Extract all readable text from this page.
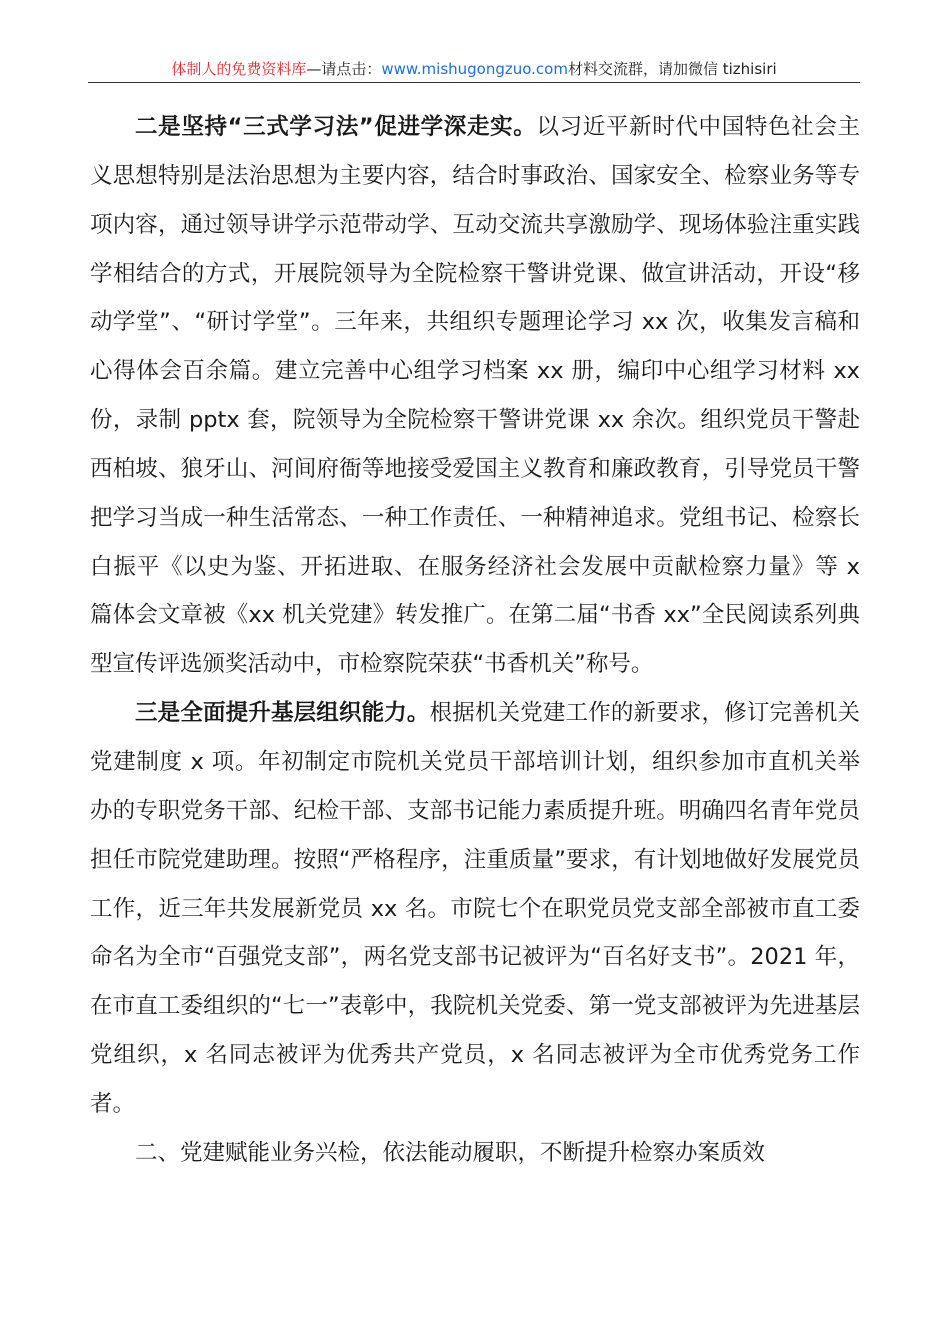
体制人的免费资料库—请点击：www.mishugongzuo.com材料交流群，请加微信 tizhisiri

二是坚持“三式学习法”促进学深走实。以习近平新时代中国特色社会主义思想特别是法治思想为主要内容，结合时事政治、国家安全、检察业务等专项内容，通过领导讲学示范带动学、互动交流共享激励学、现场体验注重实践学相结合的方式，开展院领导为全院检察干警讲党课、做宣讲活动，开设“移动学堂”、“研讨学堂”。三年来，共组织专题理论学习 xx 次，收集发言稿和心得体会百余篇。建立完善中心组学习档案 xx 册，编印中心组学习材料 xx 份，录制 pptx 套，院领导为全院检察干警讲党课 xx 余次。组织党员干警赴西柏坡、狼牙山、河间府衙等地接受爱国主义教育和廉政教育，引导党员干警把学习当成一种生活常态、一种工作责任、一种精神追求。党组书记、检察长白振平《以史为鉴、开拓进取、在服务经济社会发展中贡献检察力量》等 x 篇体会文章被《xx 机关党建》转发推广。在第二届“书香 xx”全民阅读系列典型宣传评选颁奖活动中，市检察院荣获“书香机关”称号。

三是全面提升基层组织能力。根据机关党建工作的新要求，修订完善机关党建制度 x 项。年初制定市院机关党员干部培训计划，组织参加市直机关举办的专职党务干部、纪检干部、支部书记能力素质提升班。明确四名青年党员担任市院党建助理。按照“严格程序，注重质量”要求，有计划地做好发展党员工作，近三年共发展新党员 xx 名。市院七个在职党员党支部全部被市直工委命名为全市“百强党支部”，两名党支部书记被评为“百名好支书”。2021 年，在市直工委组织的“七一”表彰中，我院机关党委、第一党支部被评为先进基层党组织，x 名同志被评为优秀共产党员，x 名同志被评为全市优秀党务工作者。

二、党建赋能业务兴检，依法能动履职，不断提升检察办案质效
